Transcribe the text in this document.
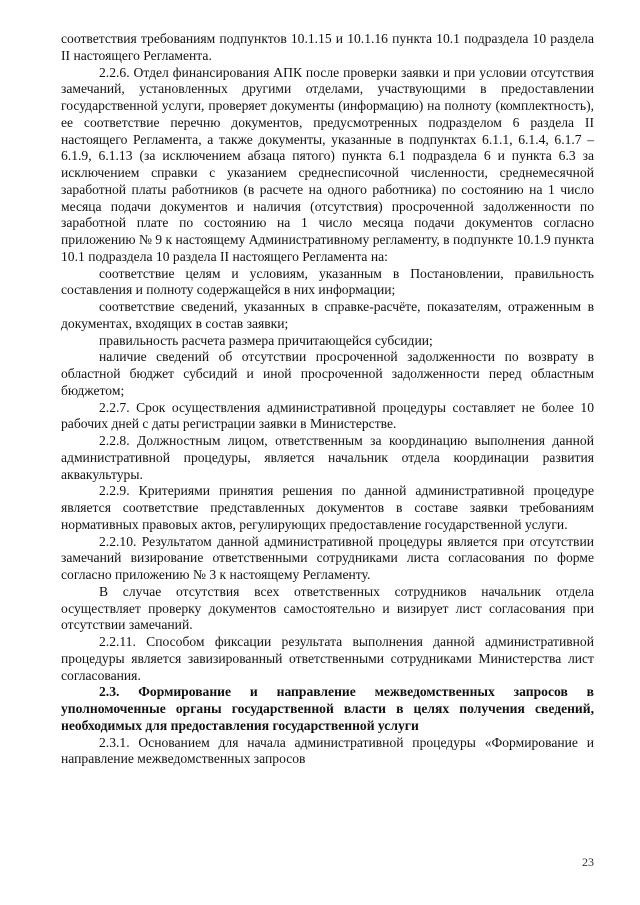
соответствия требованиям подпунктов 10.1.15 и 10.1.16 пункта 10.1 подраздела 10 раздела II настоящего Регламента.

2.2.6. Отдел финансирования АПК после проверки заявки и при условии отсутствия замечаний, установленных другими отделами, участвующими в предоставлении государственной услуги, проверяет документы (информацию) на полноту (комплектность), ее соответствие перечню документов, предусмотренных подразделом 6 раздела II настоящего Регламента, а также документы, указанные в подпунктах 6.1.1, 6.1.4, 6.1.7 – 6.1.9, 6.1.13 (за исключением абзаца пятого) пункта 6.1 подраздела 6 и пункта 6.3 за исключением справки с указанием среднесписочной численности, среднемесячной заработной платы работников (в расчете на одного работника) по состоянию на 1 число месяца подачи документов и наличия (отсутствия) просроченной задолженности по заработной плате по состоянию на 1 число месяца подачи документов согласно приложению № 9 к настоящему Административному регламенту, в подпункте 10.1.9 пункта 10.1 подраздела 10 раздела II настоящего Регламента на:

соответствие целям и условиям, указанным в Постановлении, правильность составления и полноту содержащейся в них информации;

соответствие сведений, указанных в справке-расчёте, показателям, отраженным в документах, входящих в состав заявки;

правильность расчета размера причитающейся субсидии;

наличие сведений об отсутствии просроченной задолженности по возврату в областной бюджет субсидий и иной просроченной задолженности перед областным бюджетом;

2.2.7. Срок осуществления административной процедуры составляет не более 10 рабочих дней с даты регистрации заявки в Министерстве.

2.2.8. Должностным лицом, ответственным за координацию выполнения данной административной процедуры, является начальник отдела координации развития аквакультуры.

2.2.9. Критериями принятия решения по данной административной процедуре является соответствие представленных документов в составе заявки требованиям нормативных правовых актов, регулирующих предоставление государственной услуги.

2.2.10. Результатом данной административной процедуры является при отсутствии замечаний визирование ответственными сотрудниками листа согласования по форме согласно приложению № 3 к настоящему Регламенту.

В случае отсутствия всех ответственных сотрудников начальник отдела осуществляет проверку документов самостоятельно и визирует лист согласования при отсутствии замечаний.

2.2.11. Способом фиксации результата выполнения данной административной процедуры является завизированный ответственными сотрудниками Министерства лист согласования.

2.3. Формирование и направление межведомственных запросов в уполномоченные органы государственной власти в целях получения сведений, необходимых для предоставления государственной услуги

2.3.1. Основанием для начала административной процедуры «Формирование и направление межведомственных запросов

23
